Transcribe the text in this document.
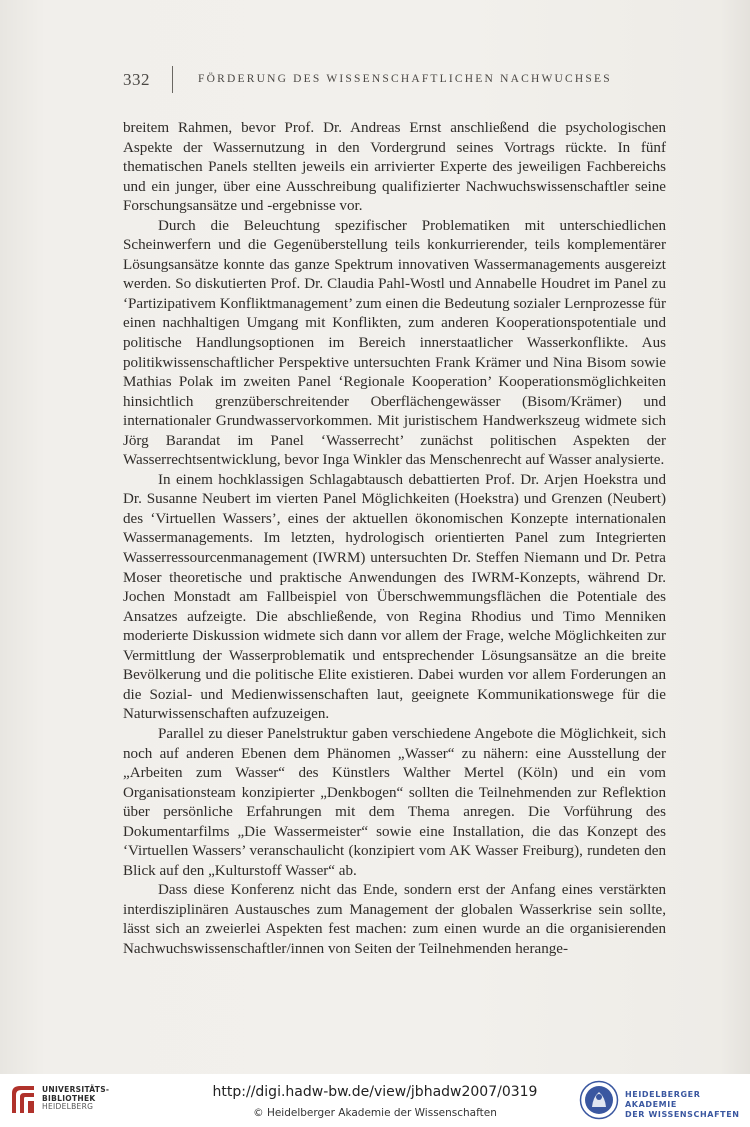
332	FÖRDERUNG DES WISSENSCHAFTLICHEN NACHWUCHSES

breitem Rahmen, bevor Prof. Dr. Andreas Ernst anschließend die psychologischen Aspekte der Wassernutzung in den Vordergrund seines Vortrags rückte. In fünf thematischen Panels stellten jeweils ein arrivierter Experte des jeweiligen Fachbereichs und ein junger, über eine Ausschreibung qualifizierter Nachwuchswissenschaftler seine Forschungsansätze und -ergebnisse vor.

Durch die Beleuchtung spezifischer Problematiken mit unterschiedlichen Scheinwerfern und die Gegenüberstellung teils konkurrierender, teils komplementärer Lösungsansätze konnte das ganze Spektrum innovativen Wassermanagements ausgereizt werden. So diskutierten Prof. Dr. Claudia Pahl-Wostl und Annabelle Houdret im Panel zu ‘Partizipativem Konfliktmanagement’ zum einen die Bedeutung sozialer Lernprozesse für einen nachhaltigen Umgang mit Konflikten, zum anderen Kooperationspotentiale und politische Handlungsoptionen im Bereich innerstaatlicher Wasserkonflikte. Aus politikwissenschaftlicher Perspektive untersuchten Frank Krämer und Nina Bisom sowie Mathias Polak im zweiten Panel ‘Regionale Kooperation’ Kooperationsmöglichkeiten hinsichtlich grenzüberschreitender Oberflächengewässer (Bisom/Krämer) und internationaler Grundwasservorkommen. Mit juristischem Handwerkszeug widmete sich Jörg Barandat im Panel ‘Wasserrecht’ zunächst politischen Aspekten der Wasserrechtsentwicklung, bevor Inga Winkler das Menschenrecht auf Wasser analysierte.

In einem hochklassigen Schlagabtausch debattierten Prof. Dr. Arjen Hoekstra und Dr. Susanne Neubert im vierten Panel Möglichkeiten (Hoekstra) und Grenzen (Neubert) des ‘Virtuellen Wassers’, eines der aktuellen ökonomischen Konzepte internationalen Wassermanagements. Im letzten, hydrologisch orientierten Panel zum Integrierten Wasserressourcenmanagement (IWRM) untersuchten Dr. Steffen Niemann und Dr. Petra Moser theoretische und praktische Anwendungen des IWRM-Konzepts, während Dr. Jochen Monstadt am Fallbeispiel von Überschwemmungsflächen die Potentiale des Ansatzes aufzeigte. Die abschließende, von Regina Rhodius und Timo Menniken moderierte Diskussion widmete sich dann vor allem der Frage, welche Möglichkeiten zur Vermittlung der Wasserproblematik und entsprechender Lösungsansätze an die breite Bevölkerung und die politische Elite existieren. Dabei wurden vor allem Forderungen an die Sozial- und Medienwissenschaften laut, geeignete Kommunikationswege für die Naturwissenschaften aufzuzeigen.

Parallel zu dieser Panelstruktur gaben verschiedene Angebote die Möglichkeit, sich noch auf anderen Ebenen dem Phänomen „Wasser“ zu nähern: eine Ausstellung der „Arbeiten zum Wasser“ des Künstlers Walther Mertel (Köln) und ein vom Organisationsteam konzipierter „Denkbogen“ sollten die Teilnehmenden zur Reflektion über persönliche Erfahrungen mit dem Thema anregen. Die Vorführung des Dokumentarfilms „Die Wassermeister“ sowie eine Installation, die das Konzept des ‘Virtuellen Wassers’ veranschaulicht (konzipiert vom AK Wasser Freiburg), rundeten den Blick auf den „Kulturstoff Wasser“ ab.

Dass diese Konferenz nicht das Ende, sondern erst der Anfang eines verstärkten interdisziplinären Austausches zum Management der globalen Wasserkrise sein sollte, lässt sich an zweierlei Aspekten fest machen: zum einen wurde an die organisierenden Nachwuchswissenschaftler/innen von Seiten der Teilnehmenden herange-

UNIVERSITÄTS-
BIBLIOTHEK
HEIDELBERG
http://digi.hadw-bw.de/view/jbhadw2007/0319
© Heidelberger Akademie der Wissenschaften
HEIDELBERGER AKADEMIE
DER WISSENSCHAFTEN
